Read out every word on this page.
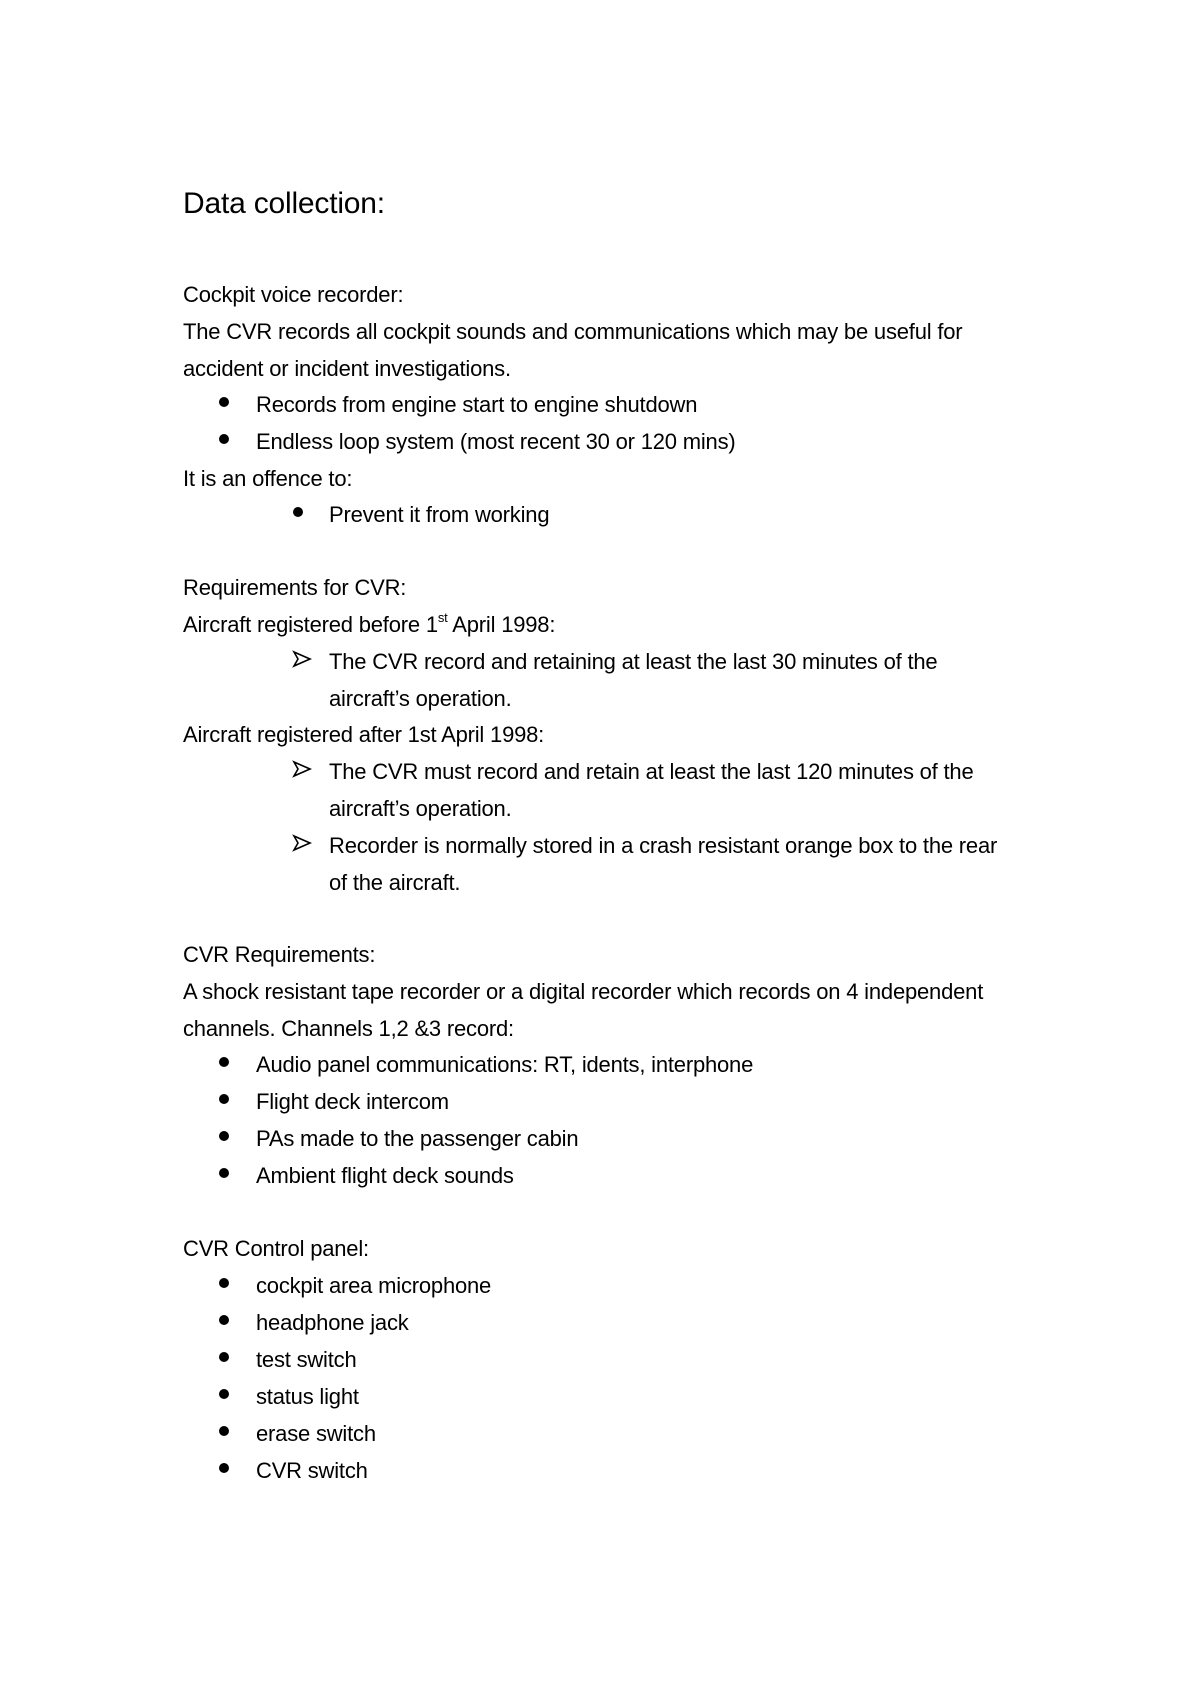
Data collection:
Cockpit voice recorder:
The CVR records all cockpit sounds and communications which may be useful for
accident or incident investigations.
Records from engine start to engine shutdown
Endless loop system (most recent 30 or 120 mins)
It is an offence to:
Prevent it from working
Requirements for CVR:
Aircraft registered before 1st April 1998:
The CVR record and retaining at least the last 30 minutes of the
aircraft’s operation.
Aircraft registered after 1st April 1998:
The CVR must record and retain at least the last 120 minutes of the
aircraft’s operation.
Recorder is normally stored in a crash resistant orange box to the rear
of the aircraft.
CVR Requirements:
A shock resistant tape recorder or a digital recorder which records on 4 independent
channels. Channels 1,2 &3 record:
Audio panel communications: RT, idents, interphone
Flight deck intercom
PAs made to the passenger cabin
Ambient flight deck sounds
CVR Control panel:
cockpit area microphone
headphone jack
test switch
status light
erase switch
CVR switch
